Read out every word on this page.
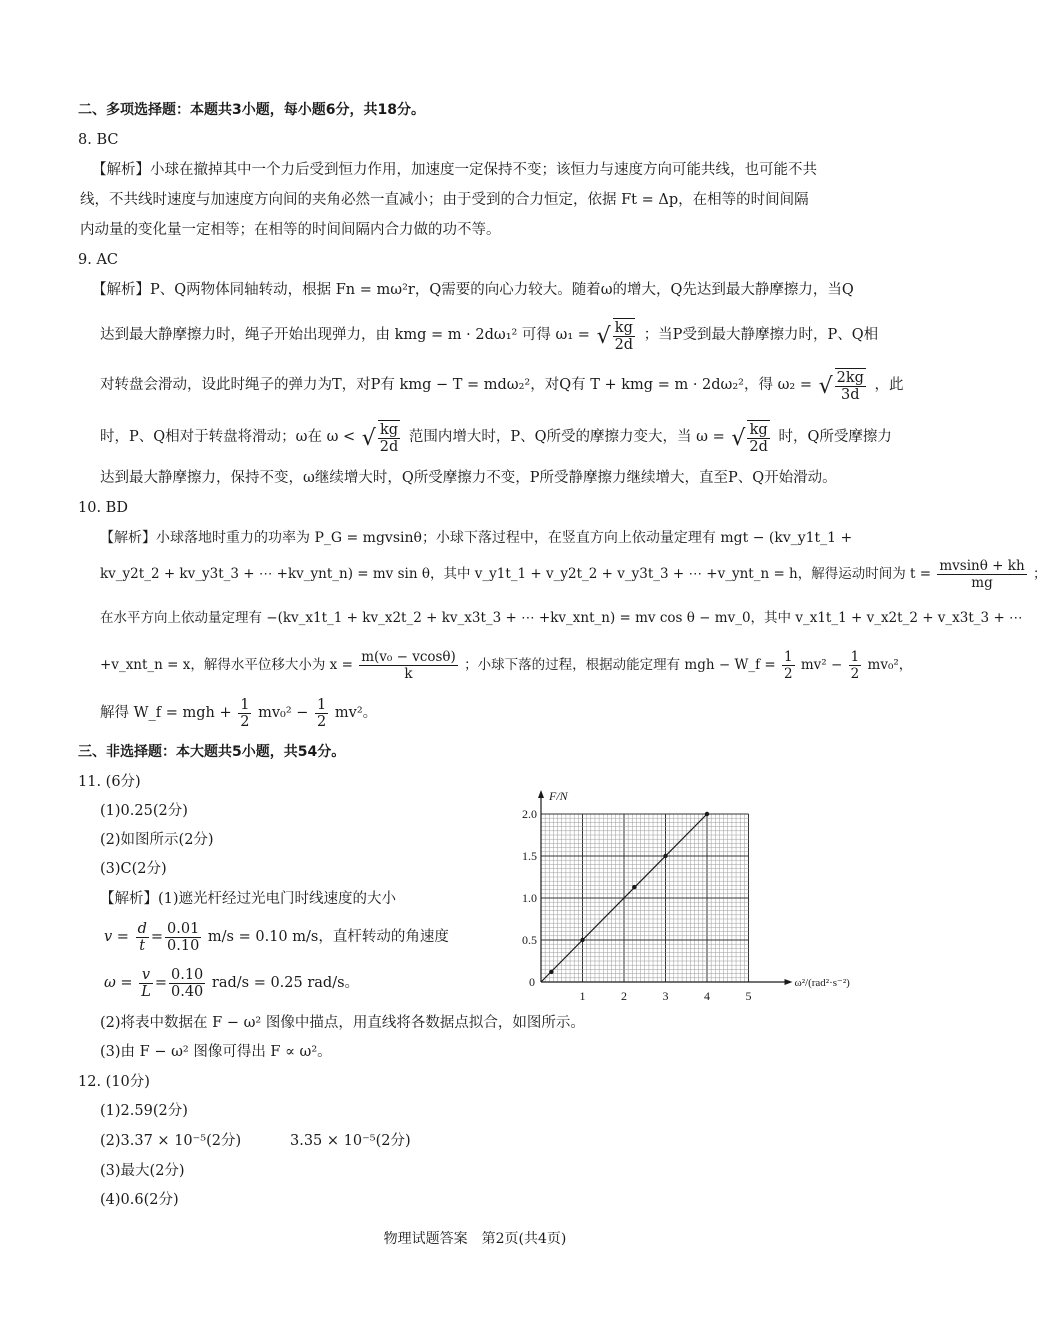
二、多项选择题：本题共3小题，每小题6分，共18分。
8. BC
【解析】小球在撤掉其中一个力后受到恒力作用，加速度一定保持不变；该恒力与速度方向可能共线，也可能不共
线，不共线时速度与加速度方向间的夹角必然一直减小；由于受到的合力恒定，依据 Ft = Δp，在相等的时间间隔
内动量的变化量一定相等；在相等的时间间隔内合力做的功不等。
9. AC
【解析】P、Q两物体同轴转动，根据 Fn = mω²r，Q需要的向心力较大。随着ω的增大，Q先达到最大静摩擦力，当Q
达到最大静摩擦力时，绳子开始出现弹力，由 kmg = m · 2dω₁² 可得 ω₁ = √ $\frac{kg}{2d}$ ；当P受到最大静摩擦力时，P、Q相
对转盘会滑动，设此时绳子的弹力为T，对P有 kmg − T = mdω₂²，对Q有 T + kmg = m · 2dω₂²，得 ω₂ = √ $\frac{2kg}{3d}$ ，此
时，P、Q相对于转盘将滑动；ω在 ω < √ $\frac{kg}{2d}$ 范围内增大时，P、Q所受的摩擦力变大，当 ω = √ $\frac{kg}{2d}$ 时，Q所受摩擦力
达到最大静摩擦力，保持不变，ω继续增大时，Q所受摩擦力不变，P所受静摩擦力继续增大，直至P、Q开始滑动。
10. BD
【解析】小球落地时重力的功率为 P_G = mgvsinθ；小球下落过程中，在竖直方向上依动量定理有 mgt − (kv_y1t_1 +
kv_y2t_2 + kv_y3t_3 + ⋯ +kv_ynt_n) = mv sin θ，其中 v_y1t_1 + v_y2t_2 + v_y3t_3 + ⋯ +v_ynt_n = h，解得运动时间为 $t = \frac{mvsin\theta + kh}{mg}$ ；
在水平方向上依动量定理有 −(kv_x1t_1 + kv_x2t_2 + kv_x3t_3 + ⋯ +kv_xnt_n) = mv cos θ − mv_0，其中 v_x1t_1 + v_x2t_2 + v_x3t_3 + ⋯
+v_xnt_n = x，解得水平位移大小为 $x = \frac{\text{m(v₀ − vcosθ)}}{k}$ ；小球下落的过程，根据动能定理有 mgh − W_f = $\frac{1}{2} mv^2 - \frac{1}{2} mv_0^2$，
解得 W_f = mgh + $\frac{1}{2} mv_0^2 - \frac{1}{2} mv^2$。
三、非选择题：本大题共5小题，共54分。
11. (6分)
(1)0.25(2分)
(2)如图所示(2分)
(3)C(2分)
【解析】(1)遮光杆经过光电门时线速度的大小
$v = \frac{d}{t} = \frac{0.01}{0.10} m/s = 0.10$ m/s，直杆转动的角速度
$\omega = \frac{v}{L} = \frac{0.10}{0.40} rad/s = 0.25$ rad/s。
(2)将表中数据在 F − ω² 图像中描点，用直线将各数据点拟合，如图所示。
(3)由 F − ω² 图像可得出 F ∝ ω²。
1	2	3	4	5
0.5
1.0
1.5
2.0
0
F/N
ω²/(rad²·s⁻²)
12. (10分)
(1)2.59(2分)
(2)3.37 × 10⁻⁵(2分)	3.35 × 10⁻⁵(2分)
(3)最大(2分)
(4)0.6(2分)
物理试题答案　第2页(共4页)
